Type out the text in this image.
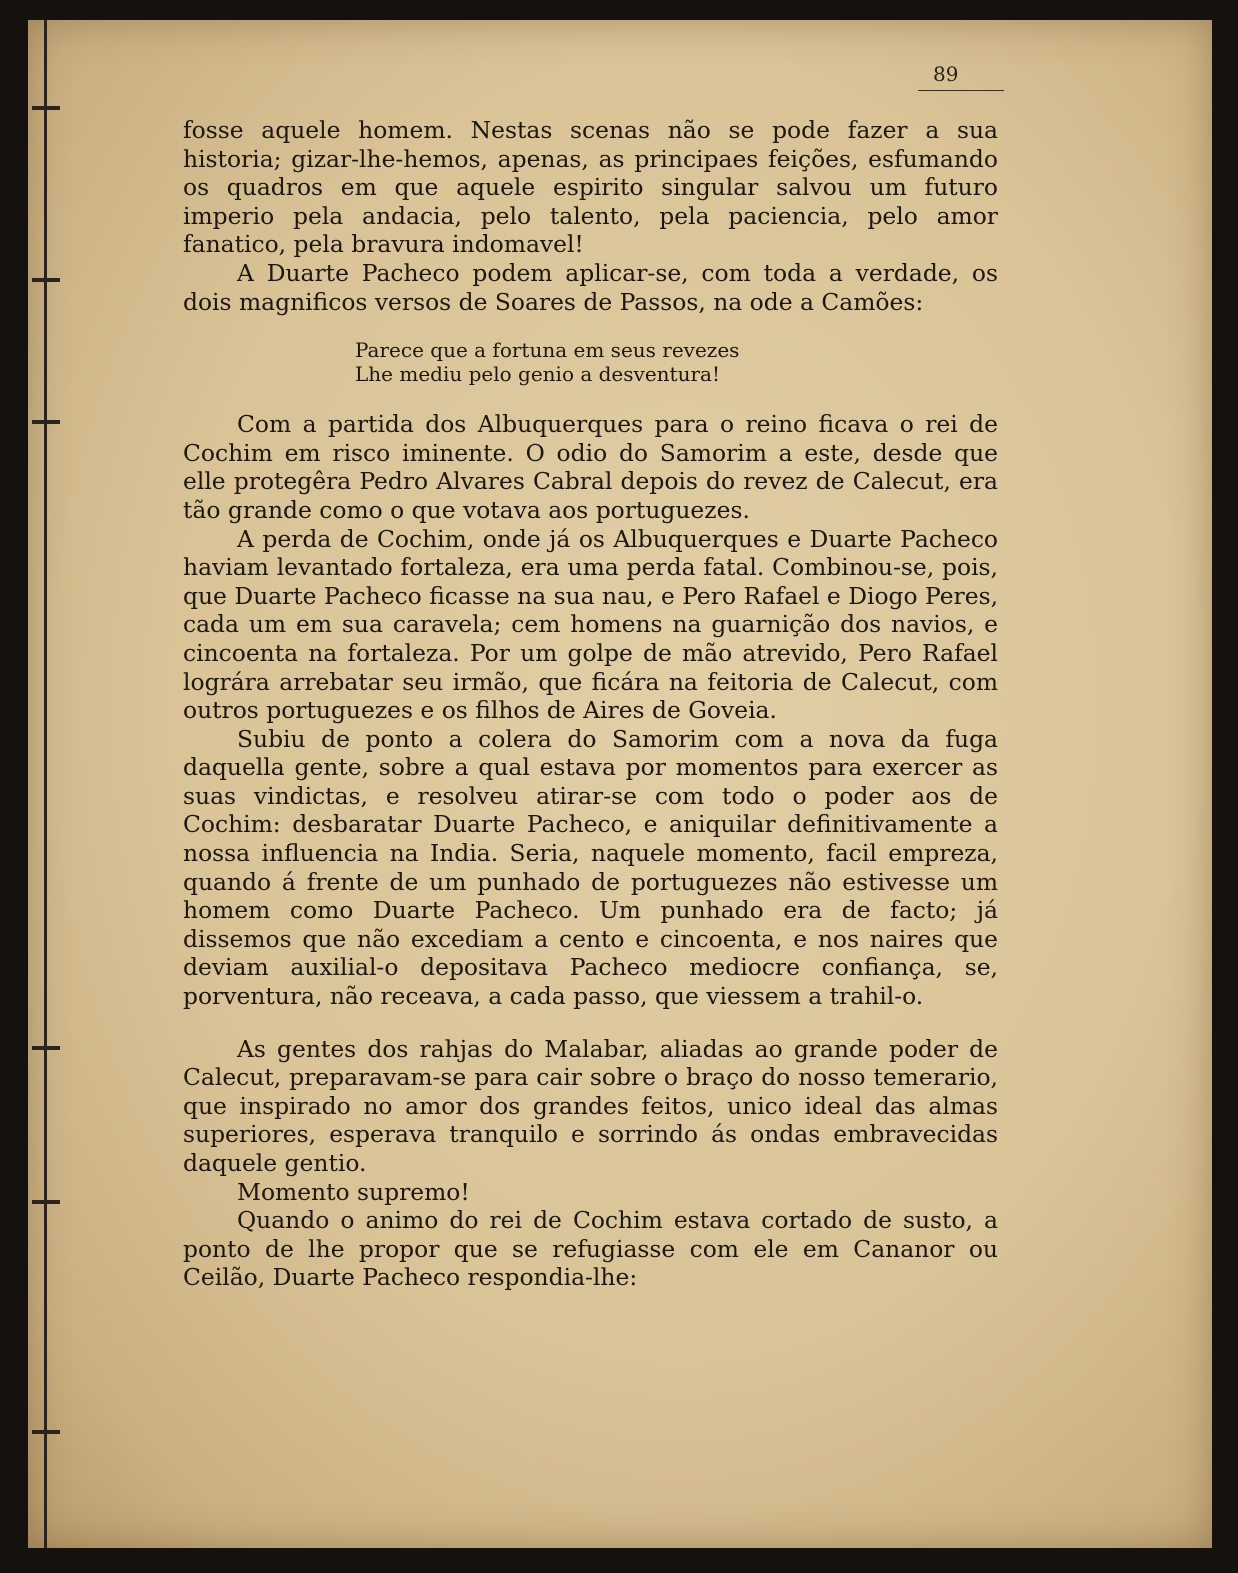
89

fosse aquele homem. Nestas scenas não se pode fazer a sua historia; gizar-lhe-hemos, apenas, as principaes feições, esfumando os quadros em que aquele espirito singular salvou um futuro imperio pela andacia, pelo talento, pela paciencia, pelo amor fanatico, pela bravura indomavel!

A Duarte Pacheco podem aplicar-se, com toda a verdade, os dois magnificos versos de Soares de Passos, na ode a Camões:

Parece que a fortuna em seus revezes
Lhe mediu pelo genio a desventura!

Com a partida dos Albuquerques para o reino ficava o rei de Cochim em risco iminente. O odio do Samorim a este, desde que elle protegêra Pedro Alvares Cabral depois do revez de Calecut, era tão grande como o que votava aos portuguezes.

A perda de Cochim, onde já os Albuquerques e Duarte Pacheco haviam levantado fortaleza, era uma perda fatal. Combinou-se, pois, que Duarte Pacheco ficasse na sua nau, e Pero Rafael e Diogo Peres, cada um em sua caravela; cem homens na guarnição dos navios, e cincoenta na fortaleza. Por um golpe de mão atrevido, Pero Rafael lográra arrebatar seu irmão, que ficára na feitoria de Calecut, com outros portuguezes e os filhos de Aires de Goveia.

Subiu de ponto a colera do Samorim com a nova da fuga daquella gente, sobre a qual estava por momentos para exercer as suas vindictas, e resolveu atirar-se com todo o poder aos de Cochim: desbaratar Duarte Pacheco, e aniquilar definitivamente a nossa influencia na India. Seria, naquele momento, facil empreza, quando á frente de um punhado de portuguezes não estivesse um homem como Duarte Pacheco. Um punhado era de facto; já dissemos que não excediam a cento e cincoenta, e nos naires que deviam auxilial-o depositava Pacheco mediocre confiança, se, porventura, não receava, a cada passo, que viessem a trahil-o.

As gentes dos rahjas do Malabar, aliadas ao grande poder de Calecut, preparavam-se para cair sobre o braço do nosso temerario, que inspirado no amor dos grandes feitos, unico ideal das almas superiores, esperava tranquilo e sorrindo ás ondas embravecidas daquele gentio.

Momento supremo!

Quando o animo do rei de Cochim estava cortado de susto, a ponto de lhe propor que se refugiasse com ele em Cananor ou Ceilão, Duarte Pacheco respondia-lhe:
